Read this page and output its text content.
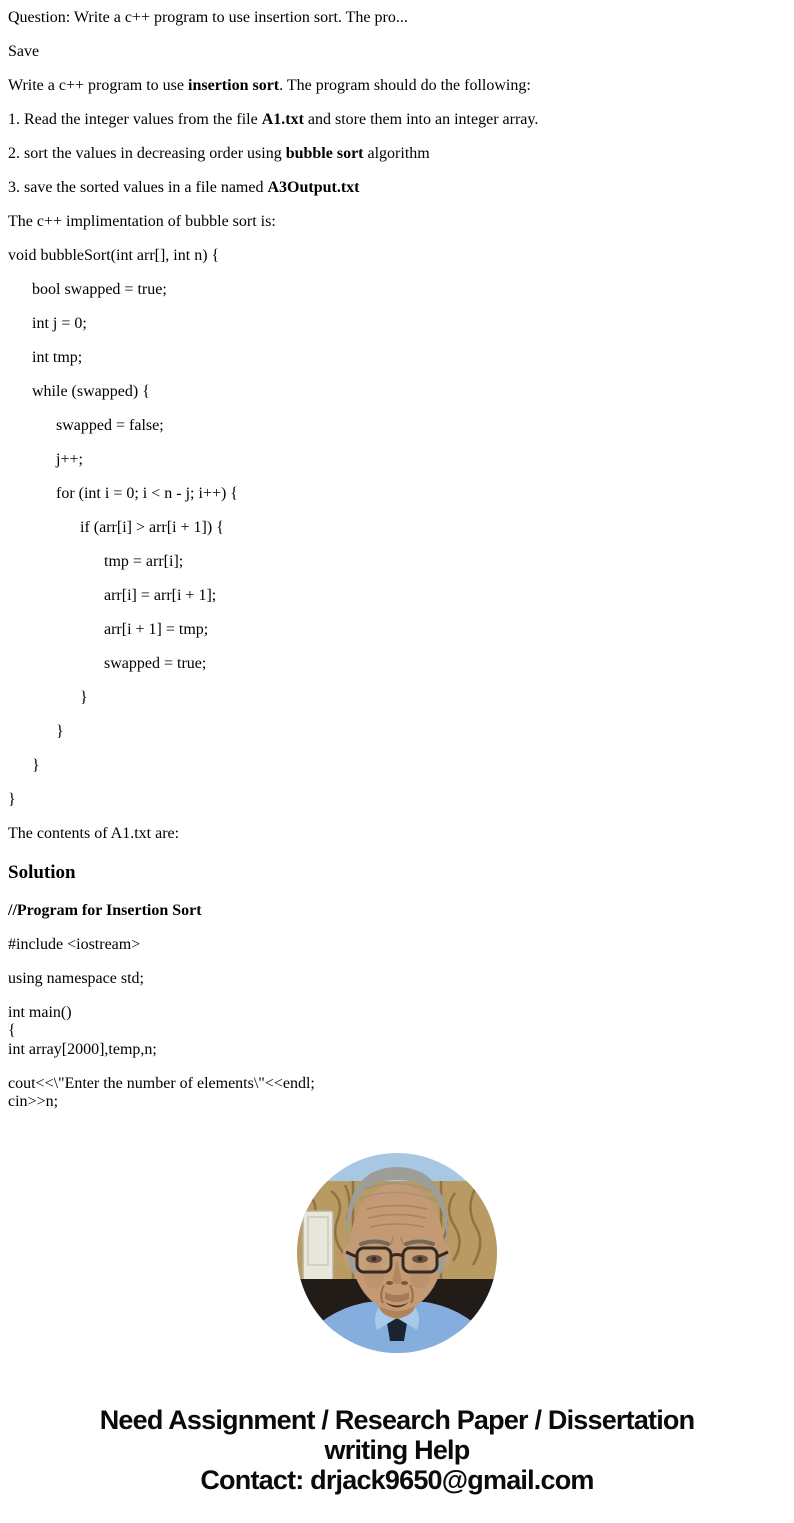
Question: Write a c++ program to use insertion sort. The pro...

Save

Write a c++ program to use insertion sort. The program should do the following:

1. Read the integer values from the file A1.txt and store them into an integer array.

2. sort the values in decreasing order using bubble sort algorithm

3. save the sorted values in a file named A3Output.txt

The c++ implimentation of bubble sort is:

void bubbleSort(int arr[], int n) {

bool swapped = true;

int j = 0;

int tmp;

while (swapped) {

swapped = false;

j++;

for (int i = 0; i < n - j; i++) {

if (arr[i] > arr[i + 1]) {

tmp = arr[i];

arr[i] = arr[i + 1];

arr[i + 1] = tmp;

swapped = true;

}

}

}

}

The contents of A1.txt are:

Solution

//Program for Insertion Sort

#include <iostream>

using namespace std;

int main()
{
int array[2000],temp,n;

cout<<\"Enter the number of elements\"<<endl;
cin>>n;

Need Assignment / Research Paper / Dissertation
writing Help
Contact: drjack9650@gmail.com
